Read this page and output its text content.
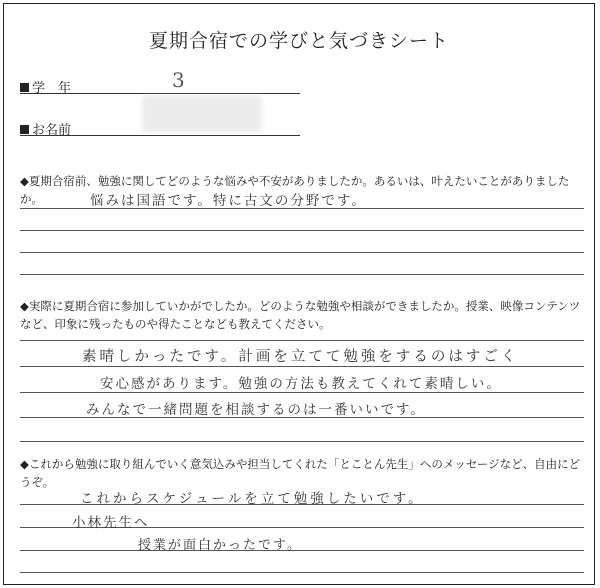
夏期合宿での学びと気づきシート
学　年	3
お名前
◆夏期合宿前、勉強に関してどのような悩みや不安がありましたか。あるいは、叶えたいことがありましたか。	悩みは国語です。特に古文の分野です。
◆実際に夏期合宿に参加していかがでしたか。どのような勉強や相談ができましたか。授業、映像コンテンツなど、印象に残ったものや得たことなども教えてください。
素晴しかったです。計画を立てて勉強をするのはすごく
安心感があります。勉強の方法も教えてくれて素晴しい。
みんなで一緒問題を相談するのは一番いいです。
◆これから勉強に取り組んでいく意気込みや担当してくれた「とことん先生」へのメッセージなど、自由にどうぞ。
これからスケジュールを立て勉強したいです。
小林先生へ
授業が面白かったです。
